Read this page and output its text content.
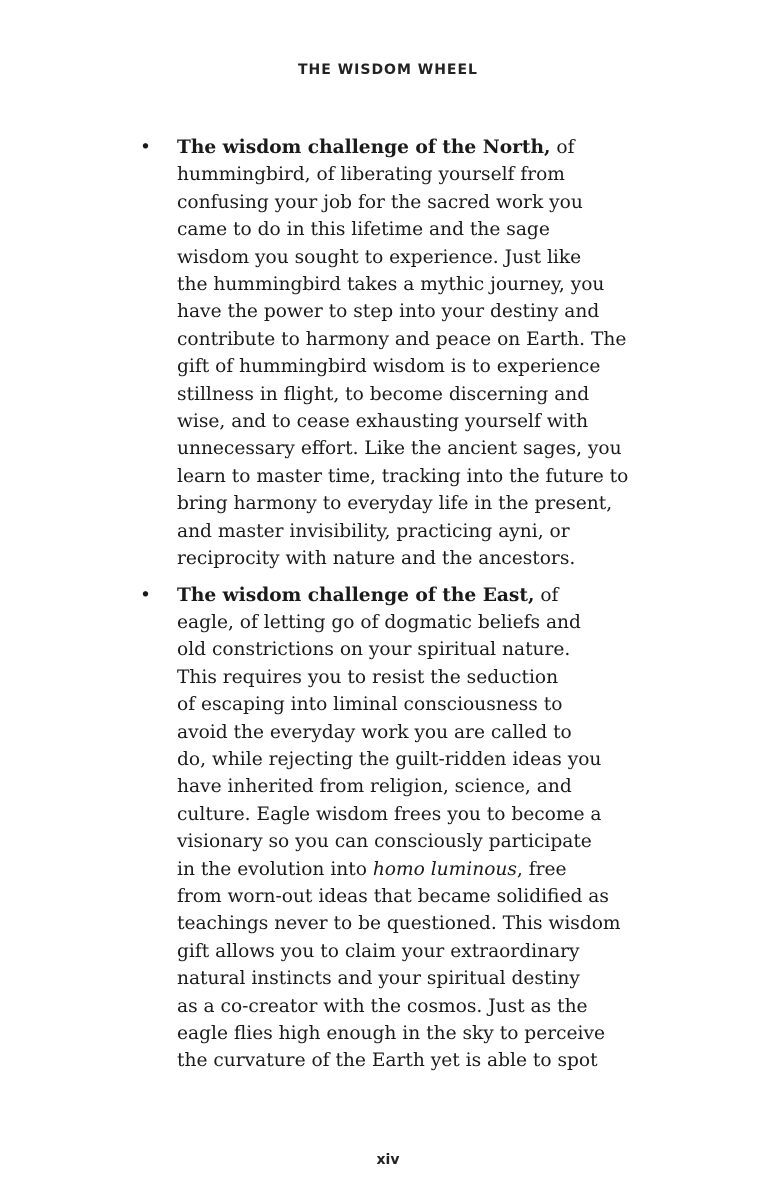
THE WISDOM WHEEL
• The wisdom challenge of the North, of
hummingbird, of liberating yourself from
confusing your job for the sacred work you
came to do in this lifetime and the sage
wisdom you sought to experience. Just like
the hummingbird takes a mythic journey, you
have the power to step into your destiny and
contribute to harmony and peace on Earth. The
gift of hummingbird wisdom is to experience
stillness in flight, to become discerning and
wise, and to cease exhausting yourself with
unnecessary effort. Like the ancient sages, you
learn to master time, tracking into the future to
bring harmony to everyday life in the present,
and master invisibility, practicing ayni, or
reciprocity with nature and the ancestors.
• The wisdom challenge of the East, of
eagle, of letting go of dogmatic beliefs and
old constrictions on your spiritual nature.
This requires you to resist the seduction
of escaping into liminal consciousness to
avoid the everyday work you are called to
do, while rejecting the guilt-ridden ideas you
have inherited from religion, science, and
culture. Eagle wisdom frees you to become a
visionary so you can consciously participate
in the evolution into homo luminous, free
from worn-out ideas that became solidified as
teachings never to be questioned. This wisdom
gift allows you to claim your extraordinary
natural instincts and your spiritual destiny
as a co-creator with the cosmos. Just as the
eagle flies high enough in the sky to perceive
the curvature of the Earth yet is able to spot
xiv
